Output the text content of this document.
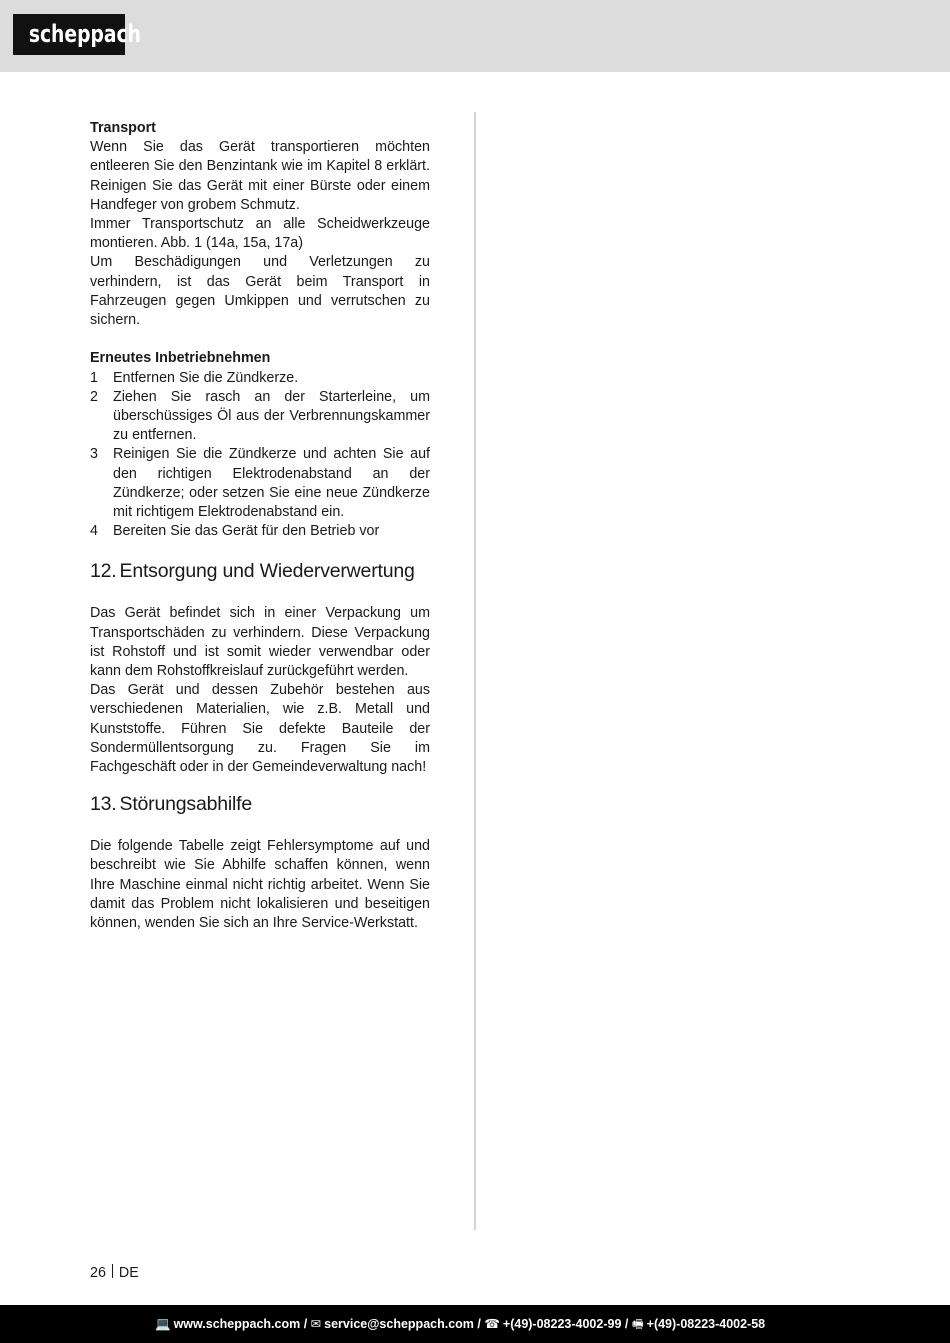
scheppach

Transport

Wenn Sie das Gerät transportieren möchten entleeren Sie den Benzintank wie im Kapitel 8 erklärt. Reinigen Sie das Gerät mit einer Bürste oder einem Handfeger von grobem Schmutz.

Immer Transportschutz an alle Scheidwerkzeuge montieren. Abb. 1 (14a, 15a, 17a)

Um Beschädigungen und Verletzungen zu verhindern, ist das Gerät beim Transport in Fahrzeugen gegen Umkippen und verrutschen zu sichern.

Erneutes Inbetriebnehmen

1 Entfernen Sie die Zündkerze.
2 Ziehen Sie rasch an der Starterleine, um überschüssiges Öl aus der Verbrennungskammer zu entfernen.
3 Reinigen Sie die Zündkerze und achten Sie auf den richtigen Elektrodenabstand an der Zündkerze; oder setzen Sie eine neue Zündkerze mit richtigem Elektrodenabstand ein.
4 Bereiten Sie das Gerät für den Betrieb vor
12. Entsorgung und Wiederverwertung

Das Gerät befindet sich in einer Verpackung um Transportschäden zu verhindern. Diese Verpackung ist Rohstoff und ist somit wieder verwendbar oder kann dem Rohstoffkreislauf zurückgeführt werden.

Das Gerät und dessen Zubehör bestehen aus verschiedenen Materialien, wie z.B. Metall und Kunststoffe. Führen Sie defekte Bauteile der Sondermüllentsorgung zu. Fragen Sie im Fachgeschäft oder in der Gemeindeverwaltung nach!

13. Störungsabhilfe

Die folgende Tabelle zeigt Fehlersymptome auf und beschreibt wie Sie Abhilfe schaffen können, wenn Ihre Maschine einmal nicht richtig arbeitet. Wenn Sie damit das Problem nicht lokalisieren und beseitigen können, wenden Sie sich an Ihre Service-Werkstatt.

26 DE
💻 www.scheppach.com / ✉ service@scheppach.com / ☎ +(49)-08223-4002-99 / 🖷 +(49)-08223-4002-58
